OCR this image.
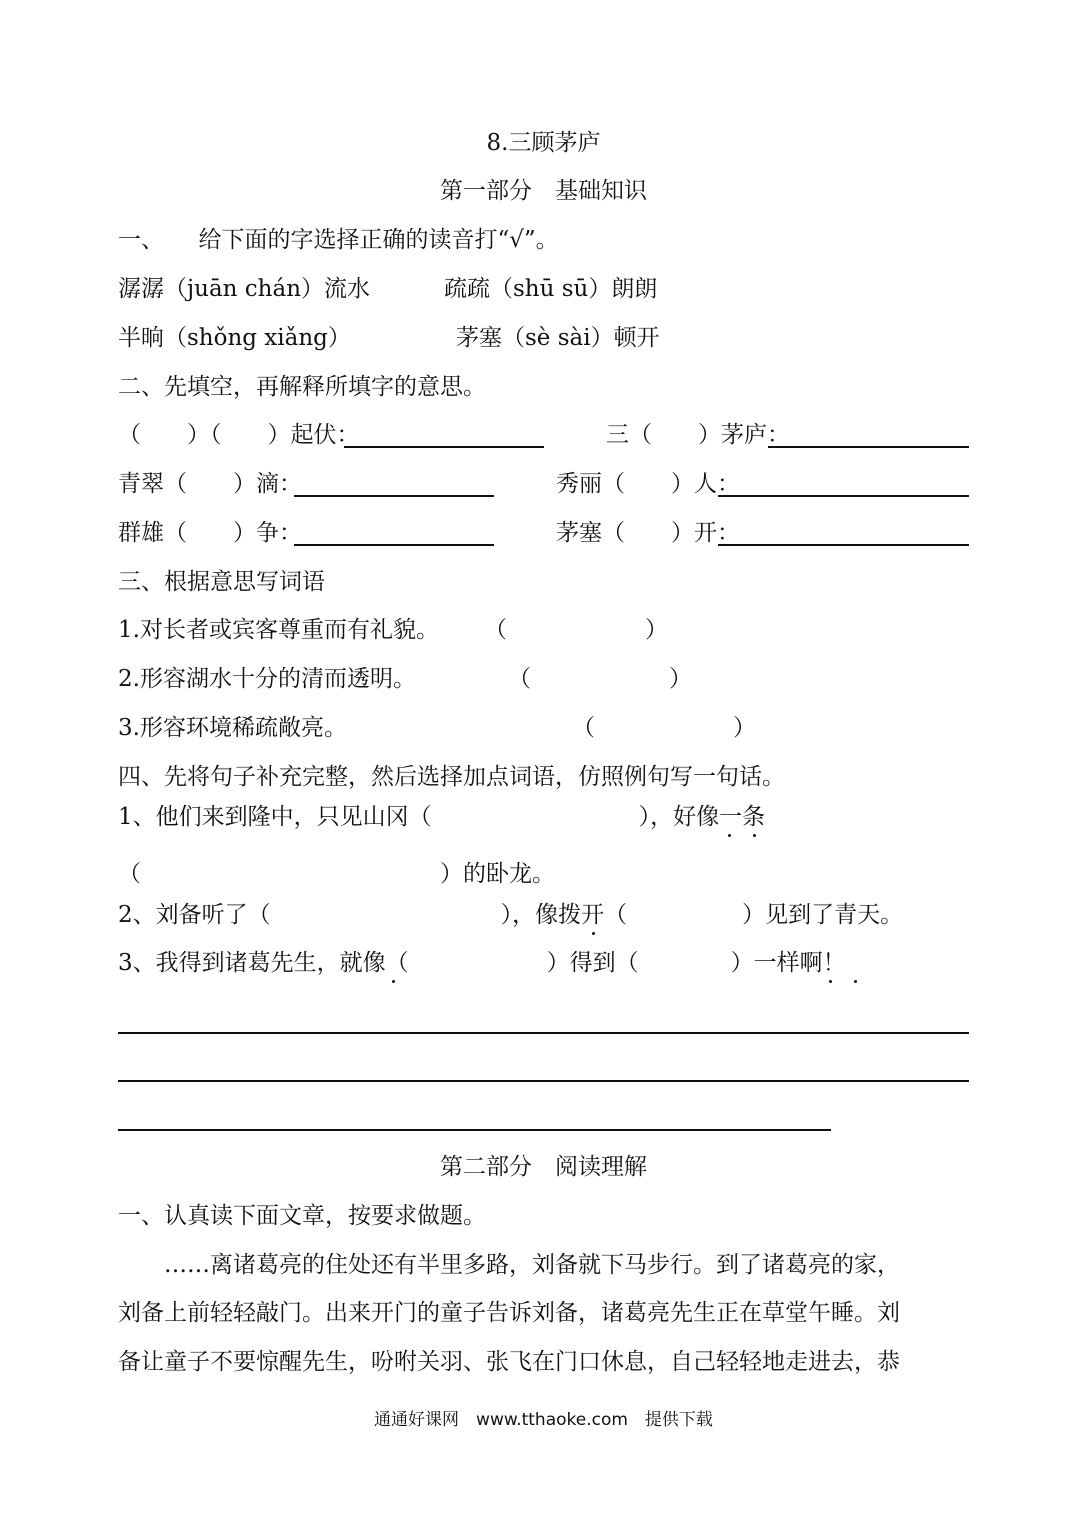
8.三顾茅庐
第一部分　基础知识
一、　　给下面的字选择正确的读音打“√”。
潺潺（juān chán）流水	疏疏（shū sū）朗朗
半晌（shǒng xiǎng）	茅塞（sè sài）顿开
二、先填空，再解释所填字的意思。
（　　）（　　）起伏：	三（　　）茅庐：
青翠（　　）滴：	秀丽（　　）人：
群雄（　　）争：	茅塞（　　）开：
三、根据意思写词语
1.对长者或宾客尊重而有礼貌。 （　　　　　　）
2.形容湖水十分的清而透明。	（　　　　　　）
3.形容环境稀疏敞亮。	（　　　　　　）
四、先将句子补充完整，然后选择加点词语，仿照例句写一句话。
1、他们来到隆中，只见山冈（　　　　　　　　　），好像一条
（　　　　　　　　　　　　　）的卧龙。
2、刘备听了（　　　　　　　　　　），像拨开（　　　　　）见到了青天。
3、我得到诸葛先生，就像（　　　　　　）得到（　　　　）一样啊！
第二部分　阅读理解
一、认真读下面文章，按要求做题。
　　……离诸葛亮的住处还有半里多路，刘备就下马步行。到了诸葛亮的家，
刘备上前轻轻敲门。出来开门的童子告诉刘备，诸葛亮先生正在草堂午睡。刘
备让童子不要惊醒先生，吩咐关羽、张飞在门口休息，自己轻轻地走进去，恭
通通好课网　www.tthaoke.com　提供下载
